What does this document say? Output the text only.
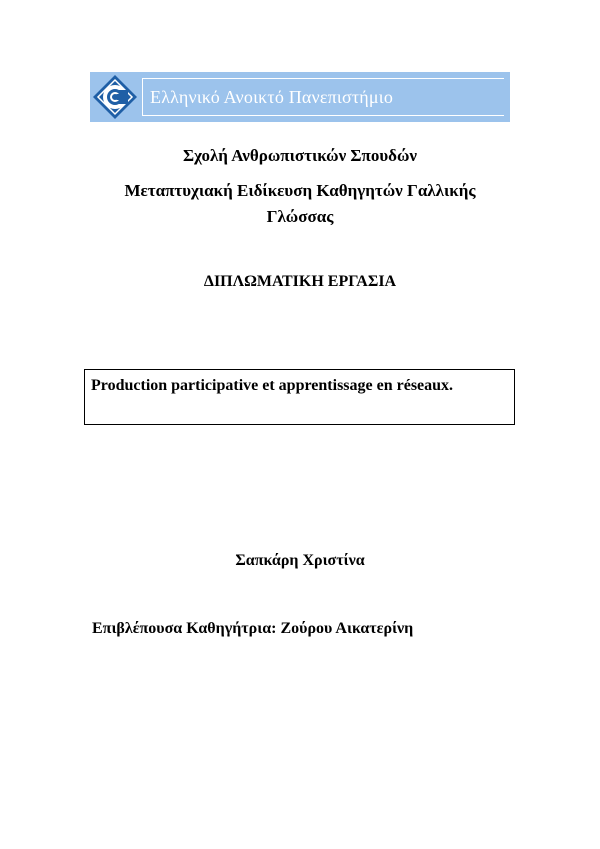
Ελληνικό Ανοικτό Πανεπιστήμιο
Σχολή Ανθρωπιστικών Σπουδών
Μεταπτυχιακή Ειδίκευση Καθηγητών Γαλλικής
Γλώσσας
ΔΙΠΛΩΜΑΤΙΚΗ ΕΡΓΑΣΙΑ
Production participative et apprentissage en réseaux.
Σαπκάρη Χριστίνα
Επιβλέπουσα Καθηγήτρια: Ζούρου Αικατερίνη
